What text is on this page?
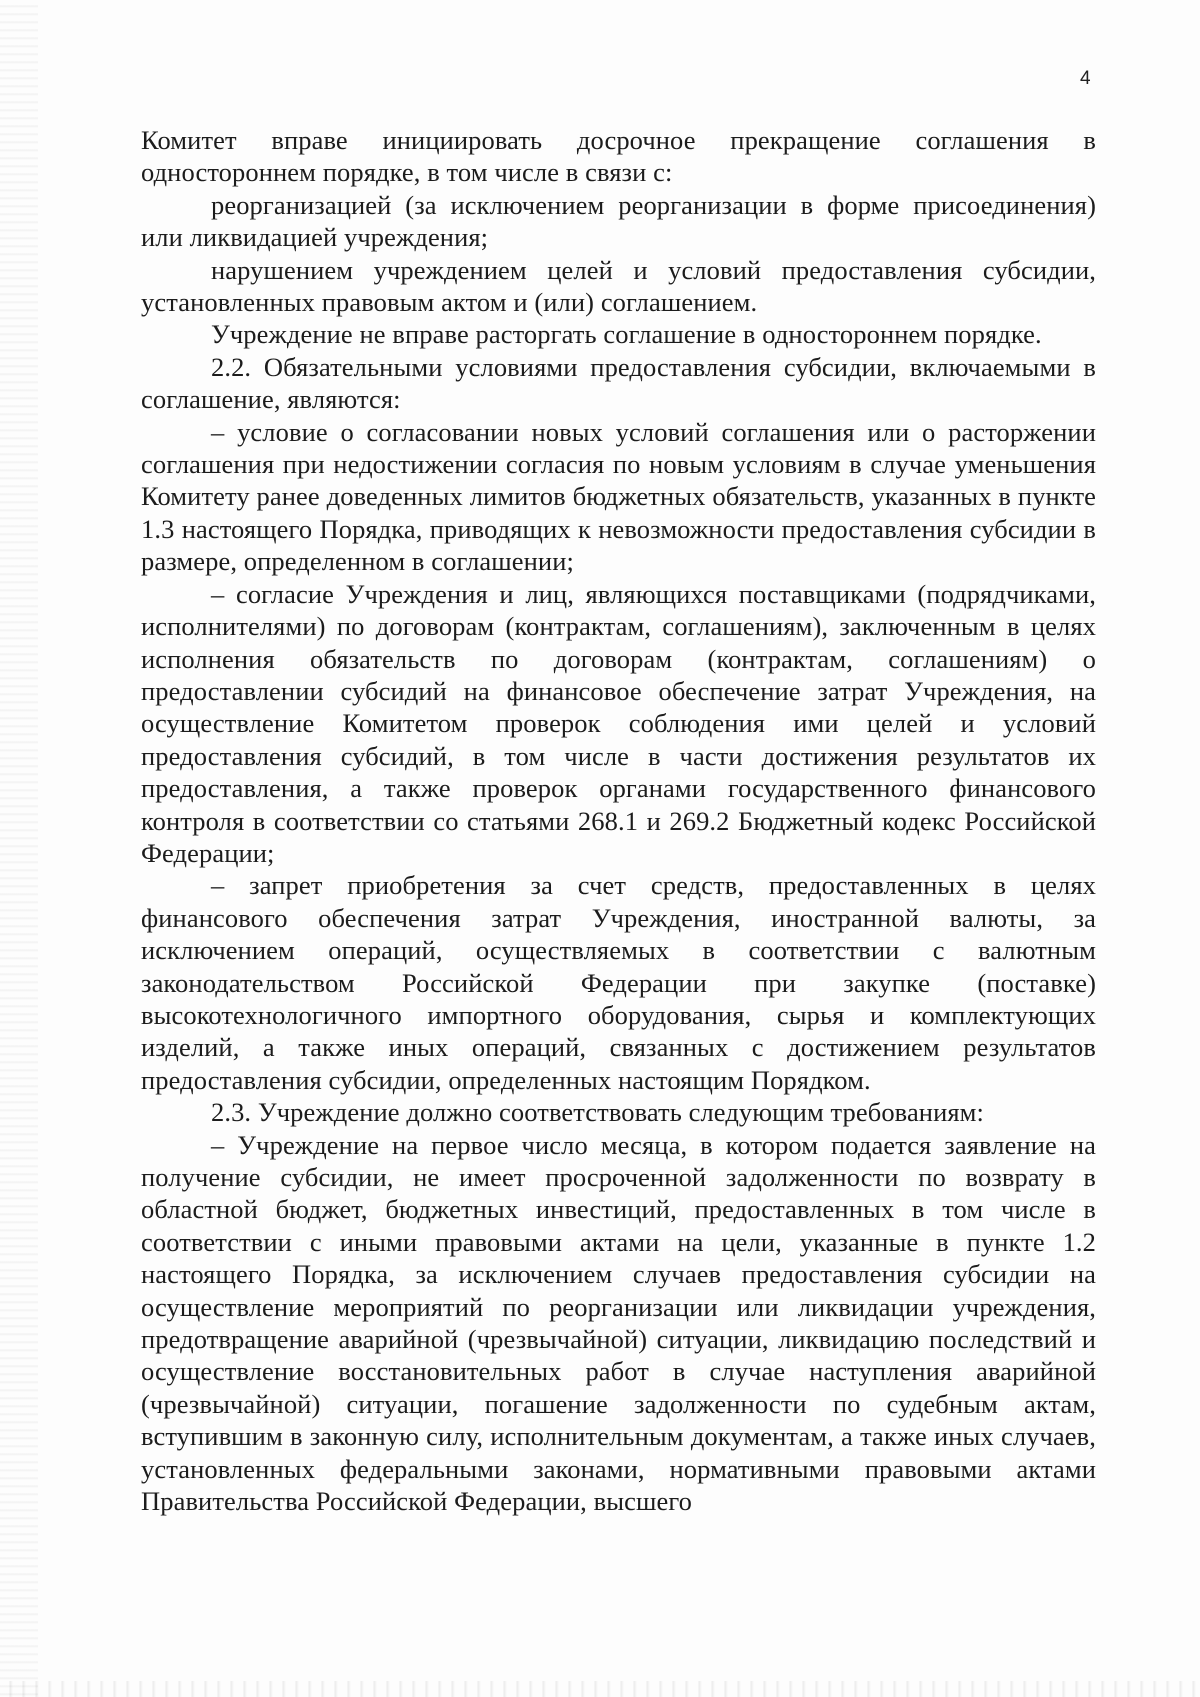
4

Комитет вправе инициировать досрочное прекращение соглашения в одностороннем порядке, в том числе в связи с:

реорганизацией (за исключением реорганизации в форме присоединения) или ликвидацией учреждения;

нарушением учреждением целей и условий предоставления субсидии, установленных правовым актом и (или) соглашением.

Учреждение не вправе расторгать соглашение в одностороннем порядке.

2.2. Обязательными условиями предоставления субсидии, включаемыми в соглашение, являются:

– условие о согласовании новых условий соглашения или о расторжении соглашения при недостижении согласия по новым условиям в случае уменьшения Комитету ранее доведенных лимитов бюджетных обязательств, указанных в пункте 1.3 настоящего Порядка, приводящих к невозможности предоставления субсидии в размере, определенном в соглашении;

– согласие Учреждения и лиц, являющихся поставщиками (подрядчиками, исполнителями) по договорам (контрактам, соглашениям), заключенным в целях исполнения обязательств по договорам (контрактам, соглашениям) о предоставлении субсидий на финансовое обеспечение затрат Учреждения, на осуществление Комитетом проверок соблюдения ими целей и условий предоставления субсидий, в том числе в части достижения результатов их предоставления, а также проверок органами государственного финансового контроля в соответствии со статьями 268.1 и 269.2 Бюджетный кодекс Российской Федерации;

– запрет приобретения за счет средств, предоставленных в целях финансового обеспечения затрат Учреждения, иностранной валюты, за исключением операций, осуществляемых в соответствии с валютным законодательством Российской Федерации при закупке (поставке) высокотехнологичного импортного оборудования, сырья и комплектующих изделий, а также иных операций, связанных с достижением результатов предоставления субсидии, определенных настоящим Порядком.

2.3. Учреждение должно соответствовать следующим требованиям:

– Учреждение на первое число месяца, в котором подается заявление на получение субсидии, не имеет просроченной задолженности по возврату в областной бюджет, бюджетных инвестиций, предоставленных в том числе в соответствии с иными правовыми актами на цели, указанные в пункте 1.2 настоящего Порядка, за исключением случаев предоставления субсидии на осуществление мероприятий по реорганизации или ликвидации учреждения, предотвращение аварийной (чрезвычайной) ситуации, ликвидацию последствий и осуществление восстановительных работ в случае наступления аварийной (чрезвычайной) ситуации, погашение задолженности по судебным актам, вступившим в законную силу, исполнительным документам, а также иных случаев, установленных федеральными законами, нормативными правовыми актами Правительства Российской Федерации, высшего
